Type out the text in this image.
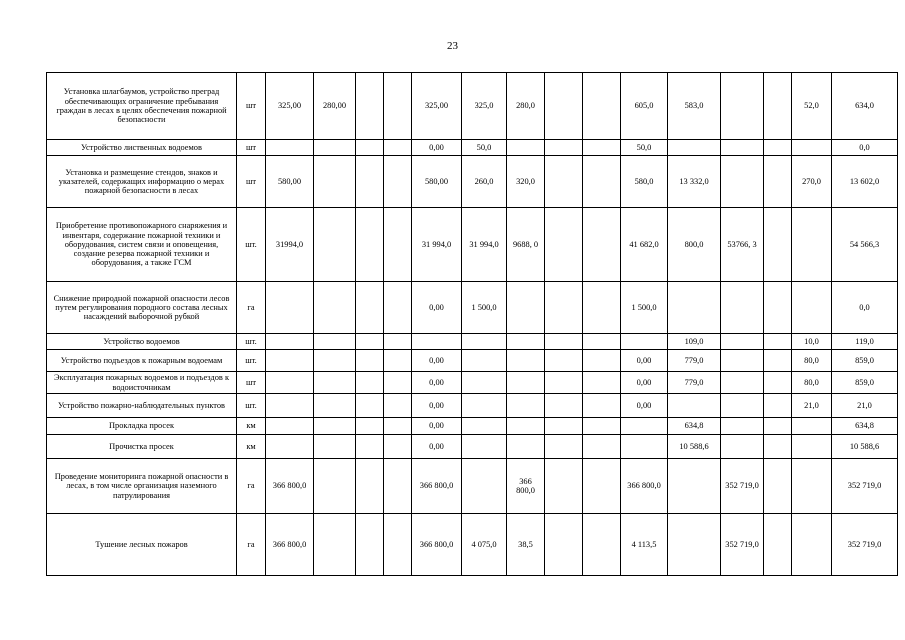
23
Установка шлагбаумов, устройство преград обеспечивающих ограничение пребывания граждан в лесах в целях обеспечения пожарной безопасности	шт	325,00	280,00			325,00	325,0	280,0			605,0	583,0			52,0	634,0
Устройство лиственных водоемов	шт					0,00	50,0				50,0					0,0
Установка и размещение стендов, знаков и указателей, содержащих информацию о мерах пожарной безопасности в лесах	шт	580,00				580,00	260,0	320,0			580,0	13 332,0			270,0	13 602,0
Приобретение противопожарного снаряжения и инвентаря, содержание пожарной техники и оборудования, систем связи и оповещения, создание резерва пожарной техники и оборудования, а также ГСМ	шт.	31994,0				31 994,0	31 994,0	9688, 0			41 682,0	800,0	53766, 3			54 566,3
Снижение природной пожарной опасности лесов путем регулирования породного состава лесных насаждений выборочной рубкой	га					0,00	1 500,0				1 500,0					0,0
Устройство водоемов	шт.											109,0			10,0	119,0
Устройство подъездов к пожарным водоемам	шт.					0,00					0,00	779,0			80,0	859,0
Эксплуатация пожарных водоемов и подъездов к водоисточникам	шт					0,00					0,00	779,0			80,0	859,0
Устройство пожарно-наблюдательных пунктов	шт.					0,00					0,00				21,0	21,0
Прокладка просек	км					0,00						634,8				634,8
Прочистка просек	км					0,00						10 588,6				10 588,6
Проведение мониторинга пожарной опасности в лесах, в том числе организация наземного патрулирования	га	366 800,0				366 800,0		366 800,0			366 800,0		352 719,0			352 719,0
Тушение лесных пожаров	га	366 800,0				366 800,0	4 075,0	38,5			4 113,5		352 719,0			352 719,0
